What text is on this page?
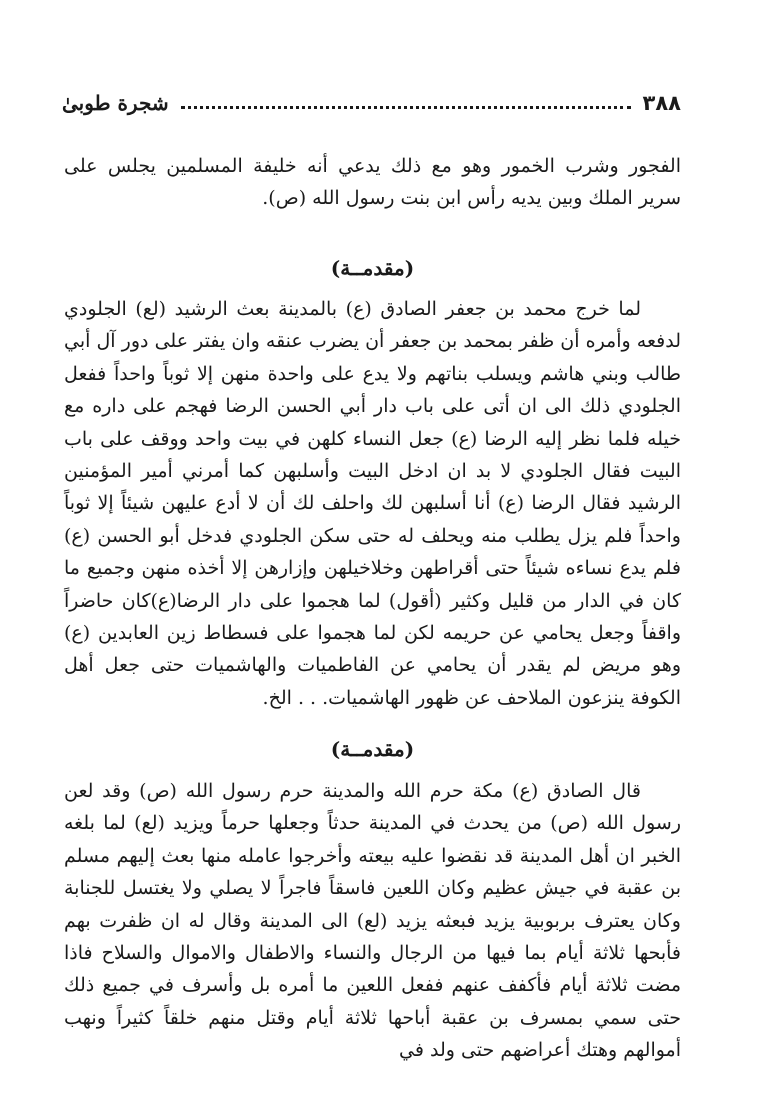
٣٨٨
شجرة طوبىٰ

الفجور وشرب الخمور وهو مع ذلك يدعي أنه خليفة المسلمين يجلس على سرير الملك وبين يديه رأس ابن بنت رسول الله (ص).

(مقدمــة)

لما خرج محمد بن جعفر الصادق (ع) بالمدينة بعث الرشيد (لع) الجلودي لدفعه وأمره أن ظفر بمحمد بن جعفر أن يضرب عنقه وان يفتر على دور آل أبي طالب وبني هاشم ويسلب بناتهم ولا يدع على واحدة منهن إلا ثوباً واحداً ففعل الجلودي ذلك الى ان أتى على باب دار أبي الحسن الرضا فهجم على داره مع خيله فلما نظر إليه الرضا (ع) جعل النساء كلهن في بيت واحد ووقف على باب البيت فقال الجلودي لا بد ان ادخل البيت وأسلبهن كما أمرني أمير المؤمنين الرشيد فقال الرضا (ع) أنا أسلبهن لك واحلف لك أن لا أدع عليهن شيئاً إلا ثوباً واحداً فلم يزل يطلب منه ويحلف له حتى سكن الجلودي فدخل أبو الحسن (ع) فلم يدع نساءه شيئاً حتى أقراطهن وخلاخيلهن وإزارهن إلا أخذه منهن وجميع ما كان في الدار من قليل وكثير (أقول) لما هجموا على دار الرضا(ع)كان حاضراً واقفاً وجعل يحامي عن حريمه لكن لما هجموا على فسطاط زين العابدين (ع) وهو مريض لم يقدر أن يحامي عن الفاطميات والهاشميات حتى جعل أهل الكوفة ينزعون الملاحف عن ظهور الهاشميات. . . الخ.

(مقدمــة)

قال الصادق (ع) مكة حرم الله والمدينة حرم رسول الله (ص) وقد لعن رسول الله (ص) من يحدث في المدينة حدثاً وجعلها حرماً ويزيد (لع) لما بلغه الخبر ان أهل المدينة قد نقضوا عليه بيعته وأخرجوا عامله منها بعث إليهم مسلم بن عقبة في جيش عظيم وكان اللعين فاسقاً فاجراً لا يصلي ولا يغتسل للجنابة وكان يعترف بربوبية يزيد فبعثه يزيد (لع) الى المدينة وقال له ان ظفرت بهم فأبحها ثلاثة أيام بما فيها من الرجال والنساء والاطفال والاموال والسلاح فاذا مضت ثلاثة أيام فأكفف عنهم ففعل اللعين ما أمره بل وأسرف في جميع ذلك حتى سمي بمسرف بن عقبة أباحها ثلاثة أيام وقتل منهم خلقاً كثيراً ونهب أموالهم وهتك أعراضهم حتى ولد في
